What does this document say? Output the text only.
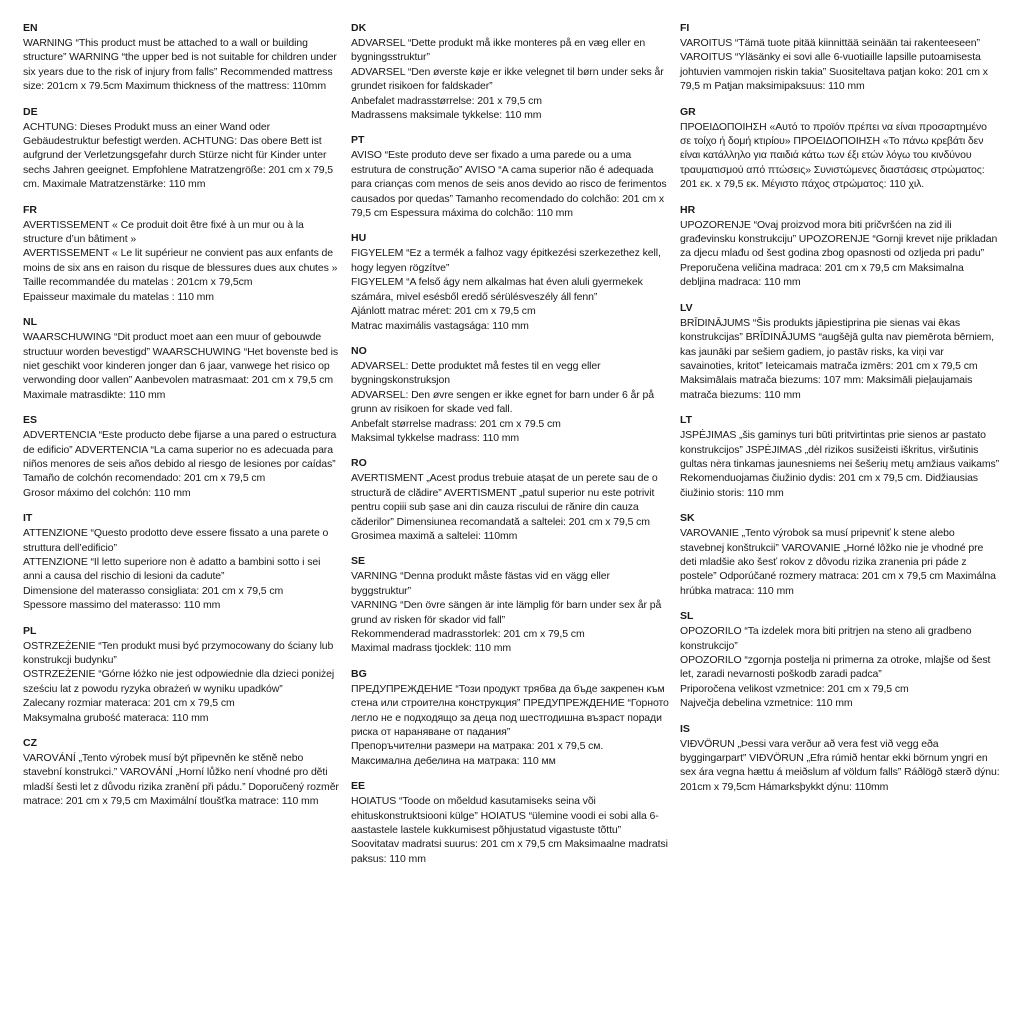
EN
WARNING “This product must be attached to a wall or building structure” WARNING “the upper bed is not suitable for children under six years due to the risk of injury from falls” Recommended mattress size: 201cm x 79.5cm Maximum thickness of the mattress: 110mm
DE
ACHTUNG: Dieses Produkt muss an einer Wand oder Gebäudestruktur befestigt werden. ACHTUNG: Das obere Bett ist aufgrund der Verletzungsgefahr durch Stürze nicht für Kinder unter sechs Jahren geeignet. Empfohlene Matratzengröße: 201 cm x 79,5 cm. Maximale Matratzenstärke: 110 mm
FR
AVERTISSEMENT « Ce produit doit être fixé à un mur ou à la structure d’un bâtiment »
AVERTISSEMENT « Le lit supérieur ne convient pas aux enfants de moins de six ans en raison du risque de blessures dues aux chutes » Taille recommandée du matelas : 201cm x 79,5cm
Epaisseur maximale du matelas : 110 mm
NL
WAARSCHUWING “Dit product moet aan een muur of gebouwde structuur worden bevestigd” WAARSCHUWING “Het bovenste bed is niet geschikt voor kinderen jonger dan 6 jaar, vanwege het risico op verwonding door vallen” Aanbevolen matrasmaat: 201 cm x 79,5 cm Maximale matrasdikte: 110 mm
ES
ADVERTENCIA “Este producto debe fijarse a una pared o estructura de edificio” ADVERTENCIA “La cama superior no es adecuada para niños menores de seis años debido al riesgo de lesiones por caídas” Tamaño de colchón recomendado: 201 cm x 79,5 cm
Grosor máximo del colchón: 110 mm
IT
ATTENZIONE “Questo prodotto deve essere fissato a una parete o struttura dell’edificio”
ATTENZIONE “Il letto superiore non è adatto a bambini sotto i sei anni a causa del rischio di lesioni da cadute”
Dimensione del materasso consigliata: 201 cm x 79,5 cm
Spessore massimo del materasso: 110 mm
PL
OSTRZEŻENIE “Ten produkt musi być przymocowany do ściany lub konstrukcji budynku”
OSTRZEŻENIE “Górne łóżko nie jest odpowiednie dla dzieci poniżej sześciu lat z powodu ryzyka obrażeń w wyniku upadków”
Zalecany rozmiar materaca: 201 cm x 79,5 cm
Maksymalna grubość materaca: 110 mm
CZ
VAROVÁNÍ „Tento výrobek musí být připevněn ke stěně nebo stavební konstrukci.” VAROVÁNÍ „Horní lůžko není vhodné pro děti mladší šesti let z důvodu rizika zranění při pádu.” Doporučený rozměr matrace: 201 cm x 79,5 cm Maximální tloušťka matrace: 110 mm
DK
ADVARSEL “Dette produkt må ikke monteres på en væg eller en bygningsstruktur”
ADVARSEL “Den øverste køje er ikke velegnet til børn under seks år grundet risikoen for faldskader”
Anbefalet madrasstørrelse: 201 x 79,5 cm
Madrassens maksimale tykkelse: 110 mm
PT
AVISO “Este produto deve ser fixado a uma parede ou a uma estrutura de construção” AVISO “A cama superior não é adequada para crianças com menos de seis anos devido ao risco de ferimentos causados por quedas” Tamanho recomendado do colchão: 201 cm x 79,5 cm Espessura máxima do colchão: 110 mm
HU
FIGYELEM “Ez a termék a falhoz vagy épitkezési szerkezethez kell, hogy legyen rögzítve”
FIGYELEM “A felső ágy nem alkalmas hat éven aluli gyermekek számára, mivel esésből eredő sérülésveszély áll fenn”
Ajánlott matrac méret: 201 cm x 79,5 cm
Matrac maximális vastagsága: 110 mm
NO
ADVARSEL: Dette produktet må festes til en vegg eller bygningskonstruksjon
ADVARSEL: Den øvre sengen er ikke egnet for barn under 6 år på grunn av risikoen for skade ved fall.
Anbefalt størrelse madrass: 201 cm x 79.5 cm
Maksimal tykkelse madrass: 110 mm
RO
AVERTISMENT „Acest produs trebuie atașat de un perete sau de o structură de clădire” AVERTISMENT „patul superior nu este potrivit pentru copiii sub șase ani din cauza riscului de rănire din cauza căderilor” Dimensiunea recomandată a saltelei: 201 cm x 79,5 cm Grosimea maximă a saltelei: 110mm
SE
VARNING “Denna produkt måste fästas vid en vägg eller byggstruktur”
VARNING “Den övre sängen är inte lämplig för barn under sex år på grund av risken för skador vid fall”
Rekommenderad madrasstorlek: 201 cm x 79,5 cm
Maximal madrass tjocklek: 110 mm
BG
ПРЕДУПРЕЖДЕНИЕ “Този продукт трябва да бъде закрепен към стена или строителна конструкция” ПРЕДУПРЕЖДЕНИЕ “Горното легло не е подходящо за деца под шестгодишна възраст поради риска от нараняване от падания”
Препоръчителни размери на матрака: 201 x 79,5 см.
Максимална дебелина на матрака: 110 мм
EE
HOIATUS “Toode on mõeldud kasutamiseks seina või ehituskonstruktsiooni külge” HOIATUS “ülemine voodi ei sobi alla 6-aastastele lastele kukkumisest põhjustatud vigastuste tõttu” Soovitatav madratsi suurus: 201 cm x 79,5 cm Maksimaalne madratsi paksus: 110 mm
FI
VAROITUS “Tämä tuote pitää kiinnittää seinään tai rakenteeseen” VAROITUS “Yläsänky ei sovi alle 6-vuotiaille lapsille putoamisesta johtuvien vammojen riskin takia” Suositeltava patjan koko: 201 cm x 79,5 m Patjan maksimipaksuus: 110 mm
GR
ΠΡΟΕΙΔΟΠΟΙΗΣΗ «Αυτό το προϊόν πρέπει να είναι προσαρτημένο σε τοίχο ή δομή κτιρίου» ΠΡΟΕΙΔΟΠΟΙΗΣΗ «Το πάνω κρεβάτι δεν είναι κατάλληλο για παιδιά κάτω των έξι ετών λόγω του κινδύνου τραυματισμού από πτώσεις» Συνιστώμενες διαστάσεις στρώματος: 201 εκ. x 79,5 εκ. Μέγιστο πάχος στρώματος: 110 χιλ.
HR
UPOZORENJE “Ovaj proizvod mora biti pričvršćen na zid ili građevinsku konstrukciju” UPOZORENJE “Gornji krevet nije prikladan za djecu mlađu od šest godina zbog opasnosti od ozljeda pri padu” Preporučena veličina madraca: 201 cm x 79,5 cm Maksimalna debljina madraca: 110 mm
LV
BRĪDINĀJUMS “Šis produkts jāpiestiprina pie sienas vai ēkas konstrukcijas” BRĪDINĀJUMS “augšējā gulta nav piemērota bērniem, kas jaunāki par sešiem gadiem, jo pastāv risks, ka viņi var savainoties, kritot” Ieteicamais matrača izmērs: 201 cm x 79,5 cm Maksimālais matrača biezums: 107 mm: Maksimāli pieļaujamais matrača biezums: 110 mm
LT
JSPĖJIMAS „šis gaminys turi būti pritvirtintas prie sienos ar pastato konstrukcijos” JSPĖJIMAS „dėl rizikos susižeisti iškritus, viršutinis gultas nėra tinkamas jaunesniems nei šešerių metų amžiaus vaikams” Rekomenduojamas čiužinio dydis: 201 cm x 79,5 cm. Didžiausias čiužinio storis: 110 mm
SK
VAROVANIE „Tento výrobok sa musí pripevniť k stene alebo stavebnej konštrukcii” VAROVANIE „Horné lôžko nie je vhodné pre deti mladšie ako šesť rokov z dôvodu rizika zranenia pri páde z postele” Odporúčané rozmery matraca: 201 cm x 79,5 cm Maximálna hrúbka matraca: 110 mm
SL
OPOZORILO “Ta izdelek mora biti pritrjen na steno ali gradbeno konstrukcijo”
OPOZORILO “zgornja postelja ni primerna za otroke, mlajše od šest let, zaradi nevarnosti poškodb zaradi padca”
Priporočena velikost vzmetnice: 201 cm x 79,5 cm
Največja debelina vzmetnice: 110 mm
IS
VIÐVÖRUN „Þessi vara verður að vera fest við vegg eða byggingarpart” VIÐVÖRUN „Efra rúmið hentar ekki börnum yngri en sex ára vegna hættu á meiðslum af völdum falls” Ráðlögð stærð dýnu: 201cm x 79,5cm Hámarksþykkt dýnu: 110mm
